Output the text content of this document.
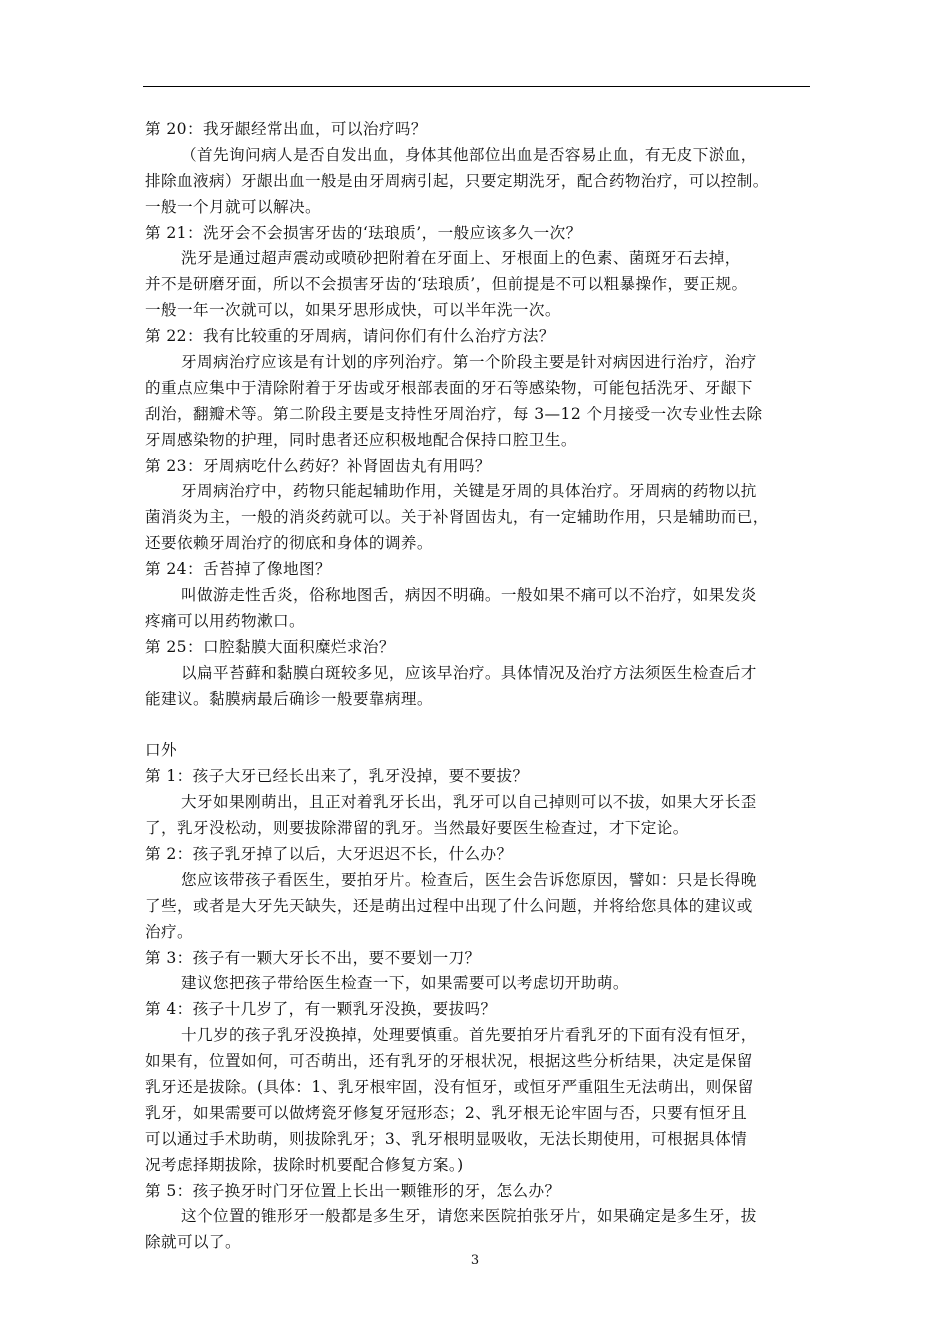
第 20：我牙龈经常出血，可以治疗吗？
（首先询问病人是否自发出血，身体其他部位出血是否容易止血，有无皮下淤血，
排除血液病）牙龈出血一般是由牙周病引起，只要定期洗牙，配合药物治疗，可以控制。
一般一个月就可以解决。
第 21：洗牙会不会损害牙齿的‘珐琅质’，一般应该多久一次？
洗牙是通过超声震动或喷砂把附着在牙面上、牙根面上的色素、菌斑牙石去掉，
并不是研磨牙面，所以不会损害牙齿的‘珐琅质’，但前提是不可以粗暴操作，要正规。
一般一年一次就可以，如果牙思形成快，可以半年洗一次。
第 22：我有比较重的牙周病，请问你们有什么治疗方法？
牙周病治疗应该是有计划的序列治疗。第一个阶段主要是针对病因进行治疗，治疗
的重点应集中于清除附着于牙齿或牙根部表面的牙石等感染物，可能包括洗牙、牙龈下
刮治，翻瓣术等。第二阶段主要是支持性牙周治疗，每 3—12 个月接受一次专业性去除
牙周感染物的护理，同时患者还应积极地配合保持口腔卫生。
第 23：牙周病吃什么药好？补肾固齿丸有用吗？
牙周病治疗中，药物只能起辅助作用，关键是牙周的具体治疗。牙周病的药物以抗
菌消炎为主，一般的消炎药就可以。关于补肾固齿丸，有一定辅助作用，只是辅助而已，
还要依赖牙周治疗的彻底和身体的调养。
第 24：舌苔掉了像地图？
叫做游走性舌炎，俗称地图舌，病因不明确。一般如果不痛可以不治疗，如果发炎
疼痛可以用药物漱口。
第 25：口腔黏膜大面积糜烂求治？
以扁平苔藓和黏膜白斑较多见，应该早治疗。具体情况及治疗方法须医生检查后才
能建议。黏膜病最后确诊一般要靠病理。
口外
第 1：孩子大牙已经长出来了，乳牙没掉，要不要拔？
大牙如果刚萌出，且正对着乳牙长出，乳牙可以自己掉则可以不拔，如果大牙长歪
了，乳牙没松动，则要拔除滞留的乳牙。当然最好要医生检查过，才下定论。
第 2：孩子乳牙掉了以后，大牙迟迟不长，什么办？
您应该带孩子看医生，要拍牙片。检查后，医生会告诉您原因，譬如：只是长得晚
了些，或者是大牙先天缺失，还是萌出过程中出现了什么问题，并将给您具体的建议或
治疗。
第 3：孩子有一颗大牙长不出，要不要划一刀？
建议您把孩子带给医生检查一下，如果需要可以考虑切开助萌。
第 4：孩子十几岁了，有一颗乳牙没换，要拔吗？
十几岁的孩子乳牙没换掉，处理要慎重。首先要拍牙片看乳牙的下面有没有恒牙，
如果有，位置如何，可否萌出，还有乳牙的牙根状况，根据这些分析结果，决定是保留
乳牙还是拔除。(具体：1、乳牙根牢固，没有恒牙，或恒牙严重阻生无法萌出，则保留
乳牙，如果需要可以做烤瓷牙修复牙冠形态；2、乳牙根无论牢固与否，只要有恒牙且
可以通过手术助萌，则拔除乳牙；3、乳牙根明显吸收，无法长期使用，可根据具体情
况考虑择期拔除，拔除时机要配合修复方案。)
第 5：孩子换牙时门牙位置上长出一颗锥形的牙，怎么办？
这个位置的锥形牙一般都是多生牙，请您来医院拍张牙片，如果确定是多生牙，拔
除就可以了。
3
